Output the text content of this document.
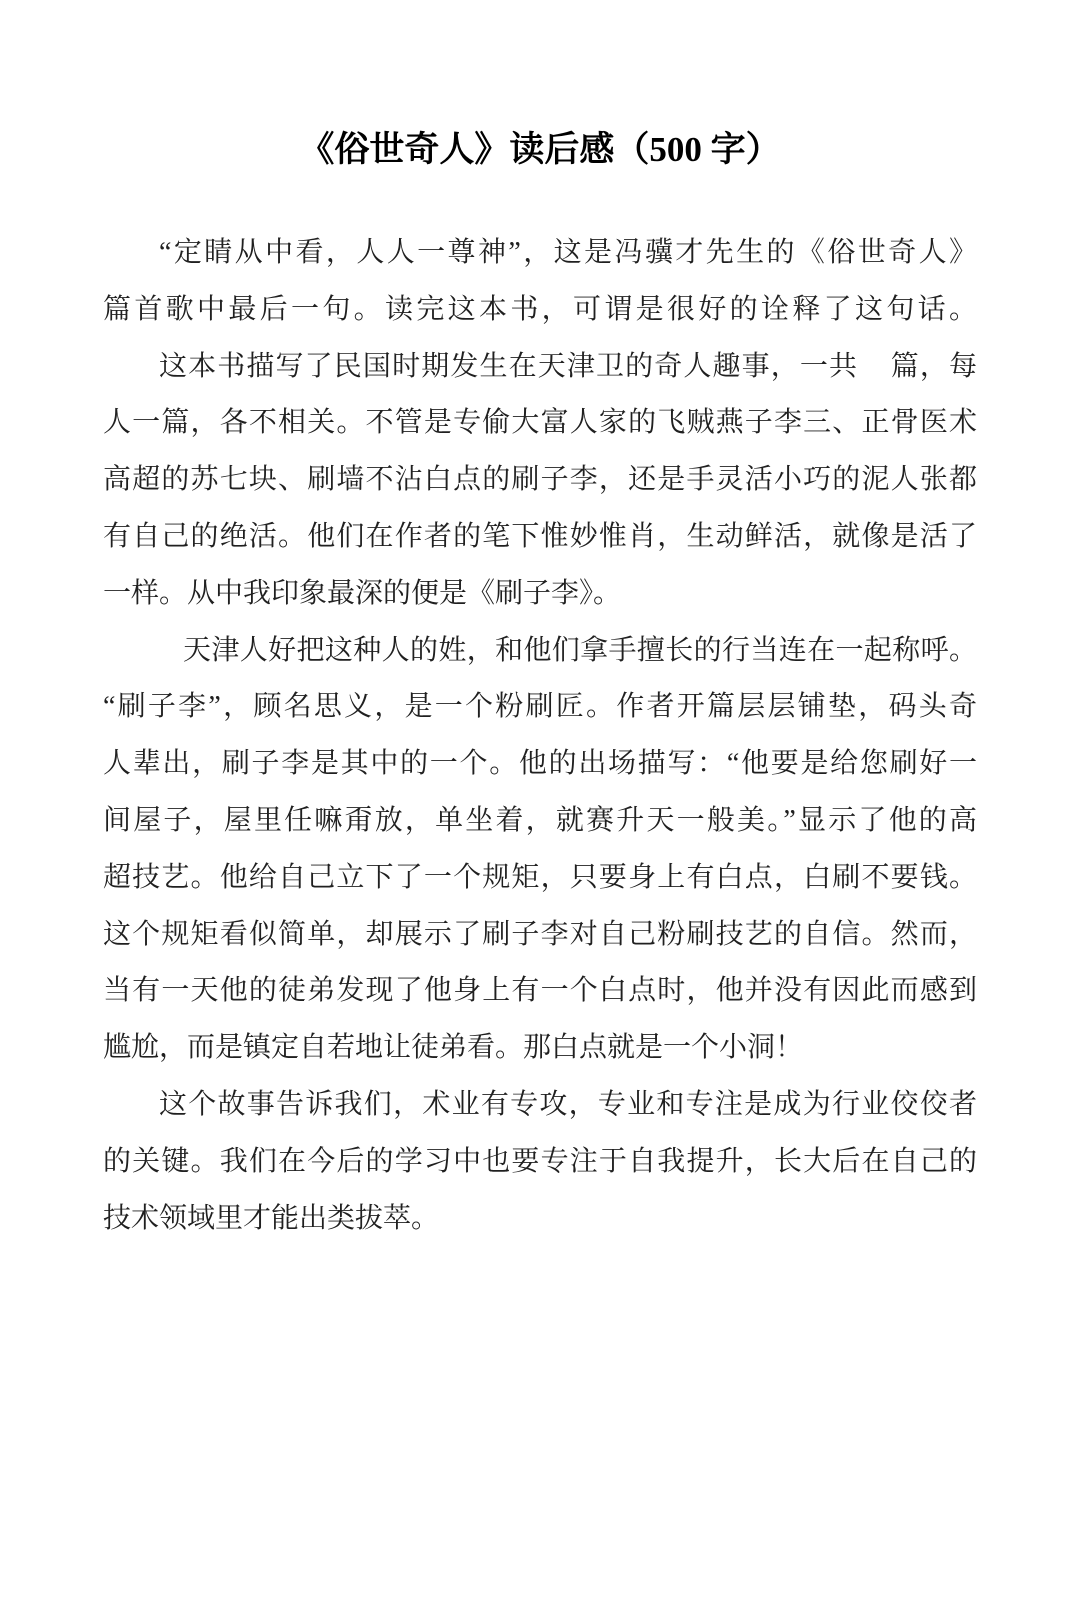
《俗世奇人》读后感（500 字）
“定睛从中看，人人一尊神”，这是冯骥才先生的《俗世奇人》
篇首歌中最后一句。读完这本书，可谓是很好的诠释了这句话。
这本书描写了民国时期发生在天津卫的奇人趣事，一共    篇，每
人一篇，各不相关。不管是专偷大富人家的飞贼燕子李三、正骨医术
高超的苏七块、刷墙不沾白点的刷子李，还是手灵活小巧的泥人张都
有自己的绝活。他们在作者的笔下惟妙惟肖，生动鲜活，就像是活了
一样。从中我印象最深的便是《刷子李》。
天津人好把这种人的姓，和他们拿手擅长的行当连在一起称呼。
“刷子李”，顾名思义，是一个粉刷匠。作者开篇层层铺垫，码头奇
人辈出，刷子李是其中的一个。他的出场描写：“他要是给您刷好一
间屋子，屋里任嘛甭放，单坐着，就赛升天一般美。”显示了他的高
超技艺。他给自己立下了一个规矩，只要身上有白点，白刷不要钱。
这个规矩看似简单，却展示了刷子李对自己粉刷技艺的自信。然而，
当有一天他的徒弟发现了他身上有一个白点时，他并没有因此而感到
尴尬，而是镇定自若地让徒弟看。那白点就是一个小洞！
这个故事告诉我们，术业有专攻，专业和专注是成为行业佼佼者
的关键。我们在今后的学习中也要专注于自我提升，长大后在自己的
技术领域里才能出类拔萃。
